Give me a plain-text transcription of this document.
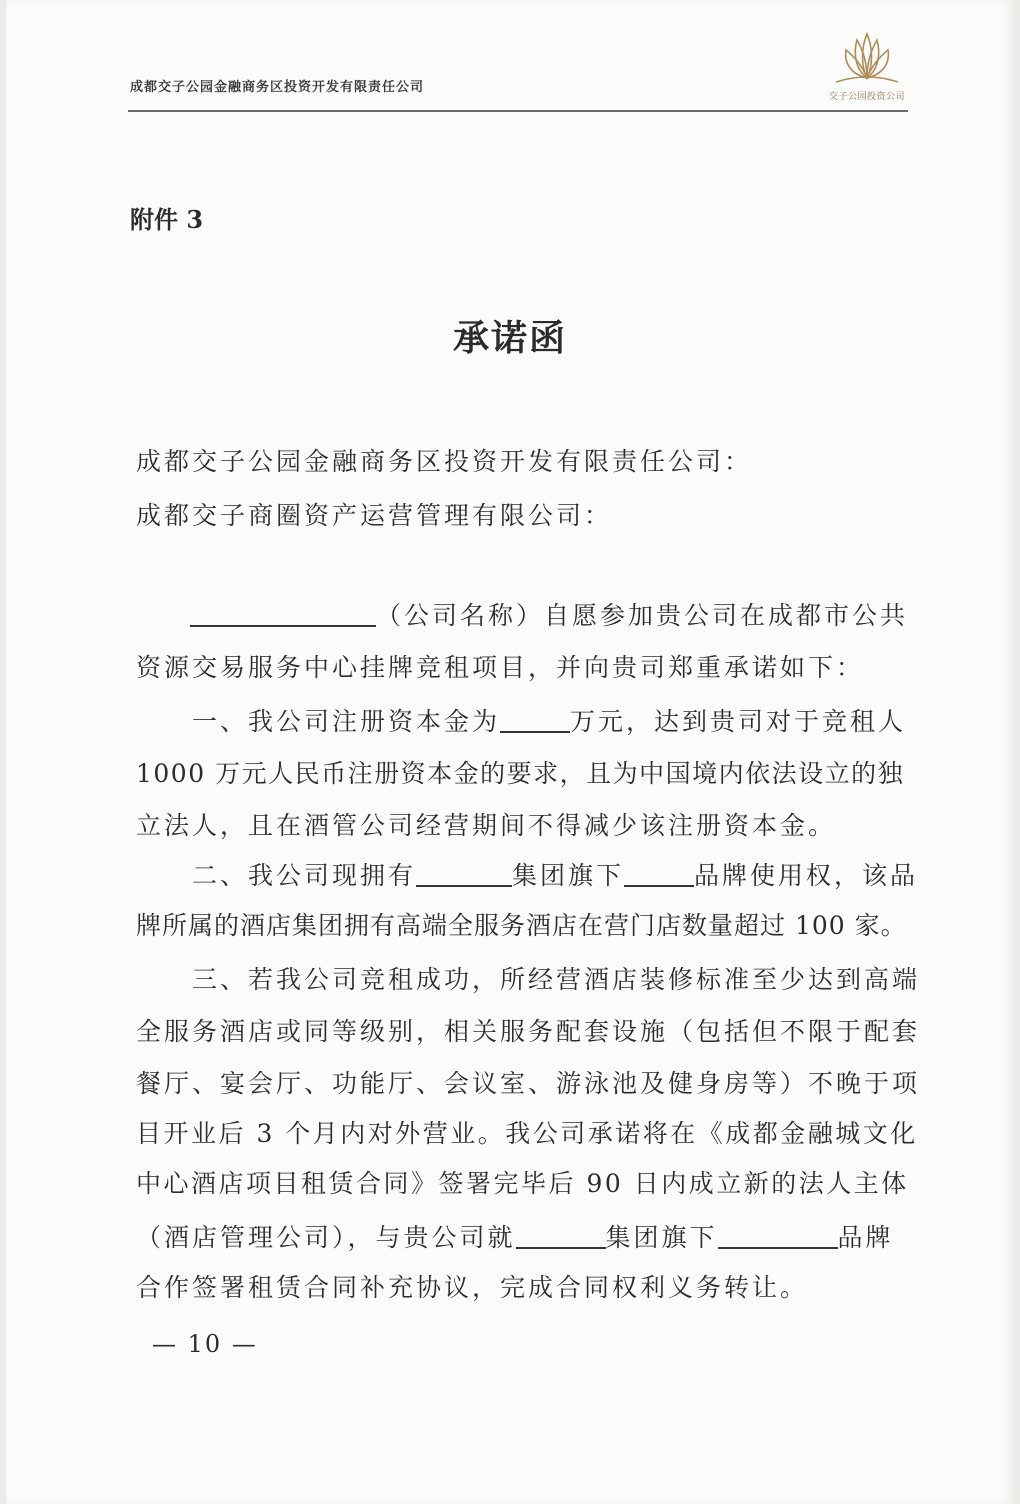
成都交子公园金融商务区投资开发有限责任公司
交子公园投资公司
附件 3
承诺函
成都交子公园金融商务区投资开发有限责任公司：
成都交子商圈资产运营管理有限公司：
（公司名称）自愿参加贵公司在成都市公共
资源交易服务中心挂牌竞租项目，并向贵司郑重承诺如下：
一、我公司注册资本金为	万元，达到贵司对于竞租人
1000 万元人民币注册资本金的要求，且为中国境内依法设立的独
立法人，且在酒管公司经营期间不得减少该注册资本金。
二、我公司现拥有	集团旗下	品牌使用权，该品
牌所属的酒店集团拥有高端全服务酒店在营门店数量超过 100 家。
三、若我公司竞租成功，所经营酒店装修标准至少达到高端
全服务酒店或同等级别，相关服务配套设施（包括但不限于配套
餐厅、宴会厅、功能厅、会议室、游泳池及健身房等）不晚于项
目开业后 3 个月内对外营业。我公司承诺将在《成都金融城文化
中心酒店项目租赁合同》签署完毕后 90 日内成立新的法人主体
（酒店管理公司），与贵公司就	集团旗下	品牌
合作签署租赁合同补充协议，完成合同权利义务转让。
— 10 —
